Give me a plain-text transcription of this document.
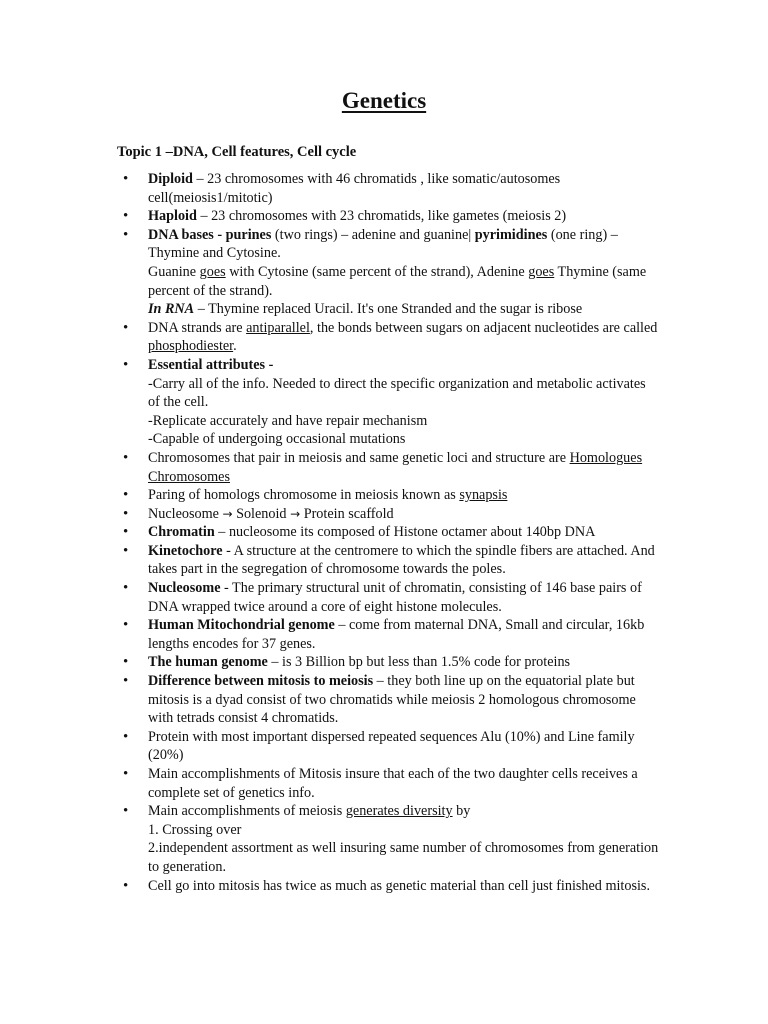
Genetics
Topic 1 –DNA, Cell features, Cell cycle
• Diploid – 23 chromosomes with 46 chromatids , like somatic/autosomes cell(meiosis1/mitotic)
• Haploid – 23 chromosomes with 23 chromatids, like gametes (meiosis 2)
• DNA bases - purines (two rings) – adenine and guanine| pyrimidines (one ring) –Thymine and Cytosine.
Guanine goes with Cytosine (same percent of the strand), Adenine goes Thymine (same percent of the strand).
In RNA – Thymine replaced Uracil. It's one Stranded and the sugar is ribose
• DNA strands are antiparallel, the bonds between sugars on adjacent nucleotides are called phosphodiester.
• Essential attributes -
-Carry all of the info. Needed to direct the specific organization and metabolic activates of the cell.
-Replicate accurately and have repair mechanism
-Capable of undergoing occasional mutations
• Chromosomes that pair in meiosis and same genetic loci and structure are Homologues Chromosomes
• Paring of homologs chromosome in meiosis known as synapsis
• Nucleosome → Solenoid → Protein scaffold
• Chromatin – nucleosome its composed of Histone octamer about 140bp DNA
• Kinetochore - A structure at the centromere to which the spindle fibers are attached. And takes part in the segregation of chromosome towards the poles.
• Nucleosome - The primary structural unit of chromatin, consisting of 146 base pairs of DNA wrapped twice around a core of eight histone molecules.
• Human Mitochondrial genome – come from maternal DNA, Small and circular, 16kb lengths encodes for 37 genes.
• The human genome – is 3 Billion bp but less than 1.5% code for proteins
• Difference between mitosis to meiosis – they both line up on the equatorial plate but mitosis is a dyad consist of two chromatids while meiosis 2 homologous chromosome with tetrads consist 4 chromatids.
• Protein with most important dispersed repeated sequences Alu (10%) and Line family (20%)
• Main accomplishments of Mitosis insure that each of the two daughter cells receives a complete set of genetics info.
• Main accomplishments of meiosis generates diversity by
1. Crossing over
2.independent assortment as well insuring same number of chromosomes from generation to generation.
• Cell go into mitosis has twice as much as genetic material than cell just finished mitosis.
